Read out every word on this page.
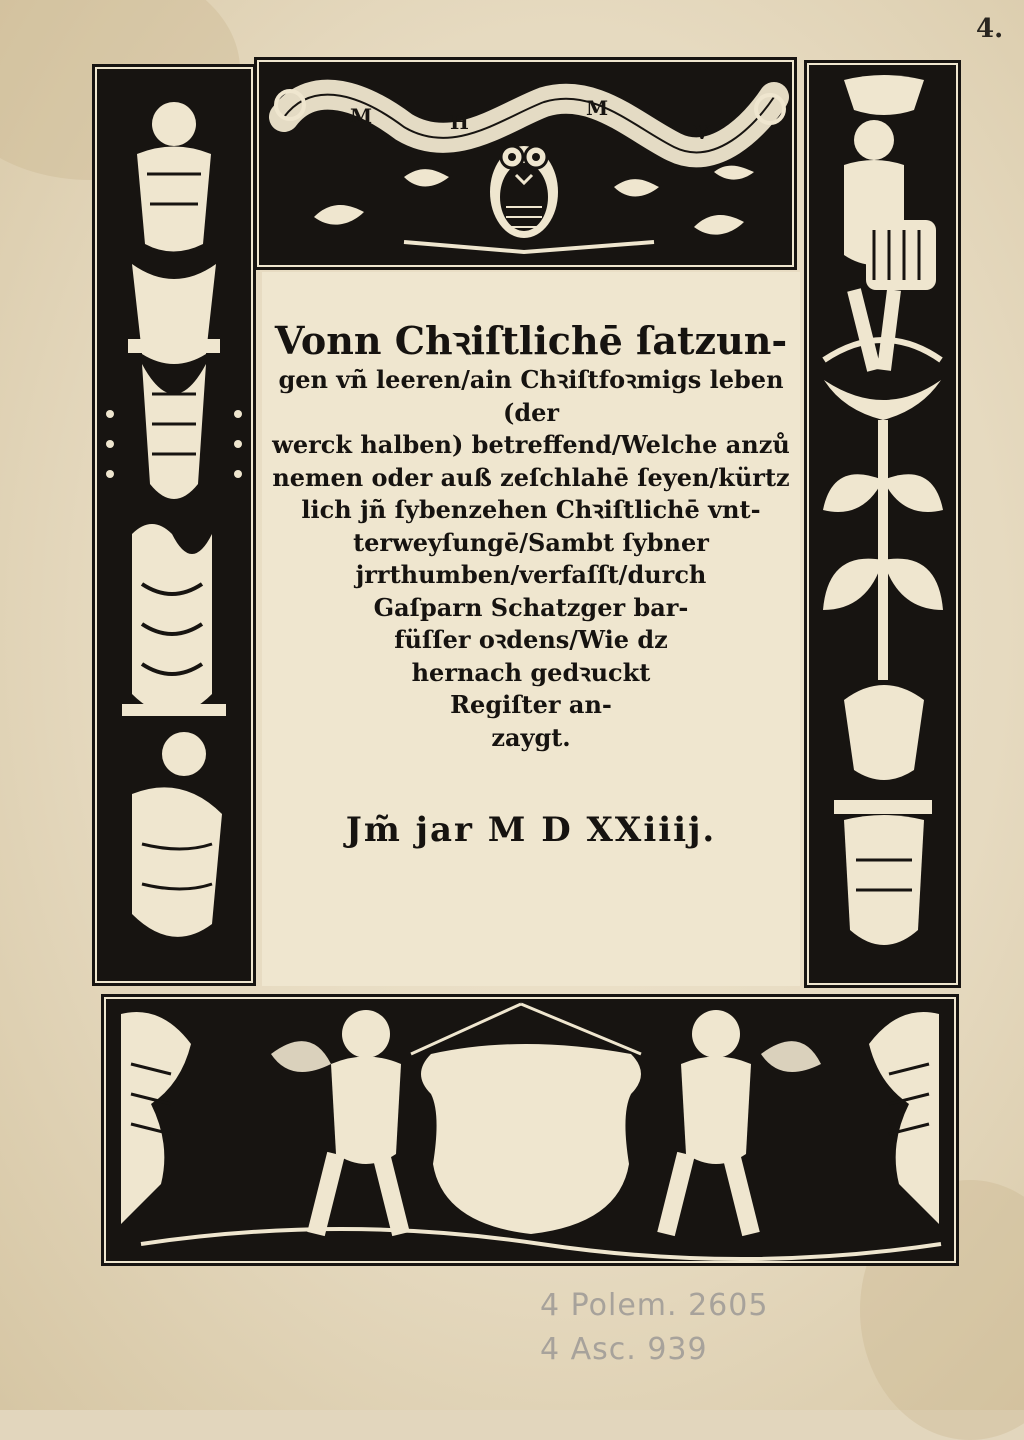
4.
M	H
M
V
Vonn Chꝛiſtlichē ſatzun-
gen vñ leeren/ain Chꝛiſtfoꝛmigs leben (der
werck halben) betreffend/Welche anzů
nemen oder auß zeſchlahē ſeyen/kürtz
lich jñ ſybenzehen Chꝛiſtlichē vnt-
terweyſungē/Sambt ſybner
jrrthumben/verfaſſt/durch
Gaſparn Schatzger bar-
füſſer oꝛdens/Wie dz
hernach gedꝛuckt
Regiſter an-
zaygt.
Jm̃ jar M D XXiiij.
4 Polem. 2605
4 Asc. 939
